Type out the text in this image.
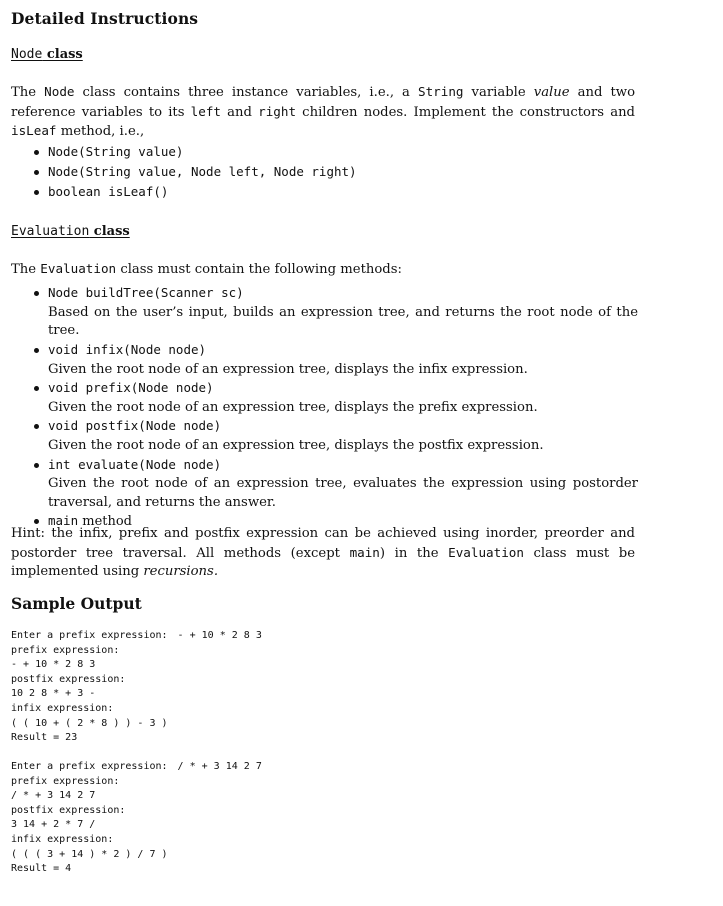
Detailed Instructions
Node class

The Node class contains three instance variables, i.e., a String variable value and two reference variables to its left and right children nodes. Implement the constructors and isLeaf method, i.e.,

Node(String value)
Node(String value, Node left, Node right)
boolean isLeaf()
Evaluation class

The Evaluation class must contain the following methods:

Node buildTree(Scanner sc)
Based on the user’s input, builds an expression tree, and returns the root node of the tree.
void infix(Node node)
Given the root node of an expression tree, displays the infix expression.
void prefix(Node node)
Given the root node of an expression tree, displays the prefix expression.
void postfix(Node node)
Given the root node of an expression tree, displays the postfix expression.
int evaluate(Node node)
Given the root node of an expression tree, evaluates the expression using postorder traversal, and returns the answer.
main method

Hint: the infix, prefix and postfix expression can be achieved using inorder, preorder and postorder tree traversal. All methods (except main) in the Evaluation class must be implemented using recursions.

Sample Output
Enter a prefix expression: - + 10 * 2 8 3
prefix expression:
- + 10 * 2 8 3
postfix expression:
10 2 8 * + 3 -
infix expression:
( ( 10 + ( 2 * 8 ) ) - 3 )
Result = 23
Enter a prefix expression: / * + 3 14 2 7
prefix expression:
/ * + 3 14 2 7
postfix expression:
3 14 + 2 * 7 /
infix expression:
( ( ( 3 + 14 ) * 2 ) / 7 )
Result = 4
